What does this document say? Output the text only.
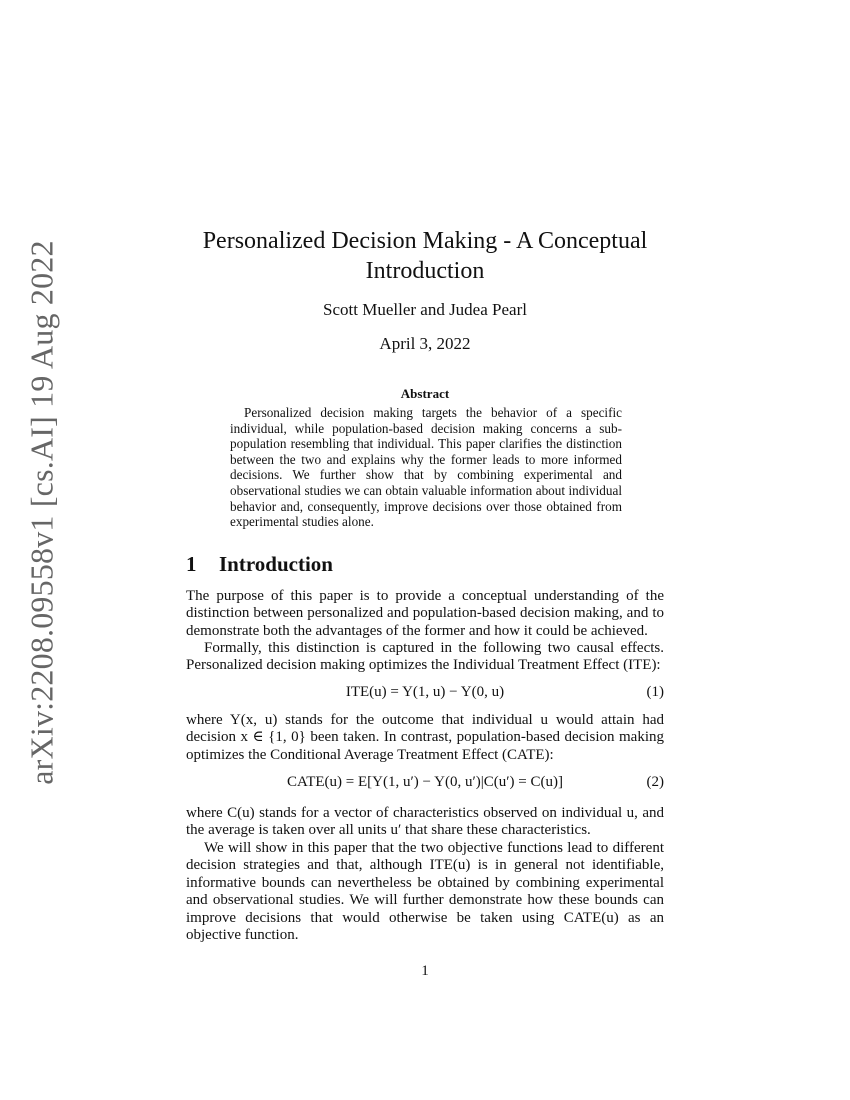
arXiv:2208.09558v1 [cs.AI] 19 Aug 2022	Personalized Decision Making - A Conceptual
Introduction
Scott Mueller and Judea Pearl
April 3, 2022
Abstract
Personalized decision making targets the behavior of a specific individual, while population-based decision making concerns a sub-population resembling that individual. This paper clarifies the distinction between the two and explains why the former leads to more informed decisions. We further show that by combining experimental and observational studies we can obtain valuable information about individual behavior and, consequently, improve decisions over those obtained from experimental studies alone.
1 Introduction
The purpose of this paper is to provide a conceptual understanding of the distinction between personalized and population-based decision making, and to demonstrate both the advantages of the former and how it could be achieved.
Formally, this distinction is captured in the following two causal effects. Personalized decision making optimizes the Individual Treatment Effect (ITE):
ITE(u) = Y(1, u) − Y(0, u)	(1)
where Y(x, u) stands for the outcome that individual u would attain had decision x ∈ {1, 0} been taken. In contrast, population-based decision making optimizes the Conditional Average Treatment Effect (CATE):
CATE(u) = E[Y(1, u′) − Y(0, u′)|C(u′) = C(u)]	(2)
where C(u) stands for a vector of characteristics observed on individual u, and the average is taken over all units u′ that share these characteristics.
We will show in this paper that the two objective functions lead to different decision strategies and that, although ITE(u) is in general not identifiable, informative bounds can nevertheless be obtained by combining experimental and observational studies. We will further demonstrate how these bounds can improve decisions that would otherwise be taken using CATE(u) as an objective function.
1
